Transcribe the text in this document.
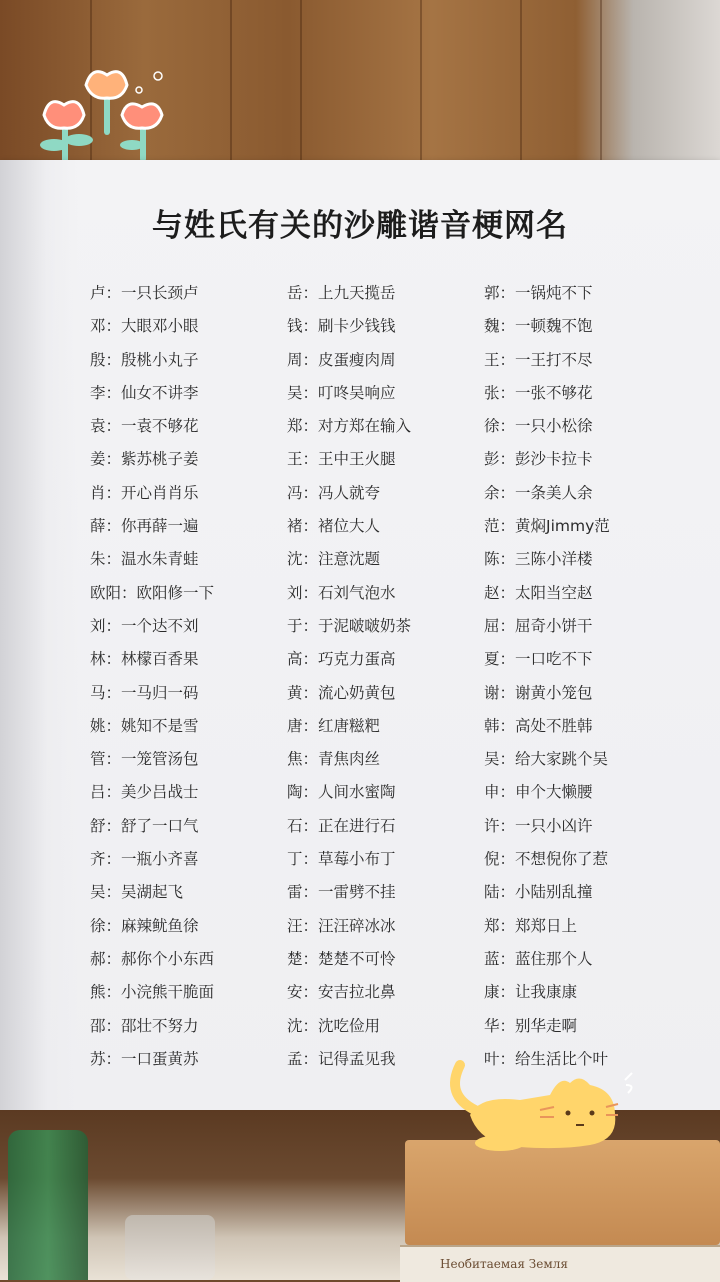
与姓氏有关的沙雕谐音梗网名
卢：一只长颈卢	岳：上九天揽岳	郭：一锅炖不下
邓：大眼邓小眼	钱：刷卡少钱钱	魏：一顿魏不饱
殷：殷桃小丸子	周：皮蛋瘦肉周	王：一王打不尽
李：仙女不讲李	吴：叮咚吴响应	张：一张不够花
袁：一袁不够花	郑：对方郑在输入	徐：一只小松徐
姜：紫苏桃子姜	王：王中王火腿	彭：彭沙卡拉卡
肖：开心肖肖乐	冯：冯人就夸	余：一条美人余
薛：你再薛一遍	褚：褚位大人	范：黄焖Jimmy范
朱：温水朱青蛙	沈：注意沈题	陈：三陈小洋楼
欧阳：欧阳修一下	刘：石刘气泡水	赵：太阳当空赵
刘：一个达不刘	于：于泥啵啵奶茶	屈：屈奇小饼干
林：林檬百香果	高：巧克力蛋高	夏：一口吃不下
马：一马归一码	黄：流心奶黄包	谢：谢黄小笼包
姚：姚知不是雪	唐：红唐糍粑	韩：高处不胜韩
管：一笼管汤包	焦：青焦肉丝	吴：给大家跳个吴
吕：美少吕战士	陶：人间水蜜陶	申：申个大懒腰
舒：舒了一口气	石：正在进行石	许：一只小凶许
齐：一瓶小齐喜	丁：草莓小布丁	倪：不想倪你了惹
吴：吴湖起飞	雷：一雷劈不挂	陆：小陆别乱撞
徐：麻辣鱿鱼徐	汪：汪汪碎冰冰	郑：郑郑日上
郝：郝你个小东西	楚：楚楚不可怜	蓝：蓝住那个人
熊：小浣熊干脆面	安：安吉拉北鼻	康：让我康康
邵：邵壮不努力	沈：沈吃俭用	华：别华走啊
苏：一口蛋黄苏	孟：记得孟见我	叶：给生活比个叶
Необитаемая Земля
